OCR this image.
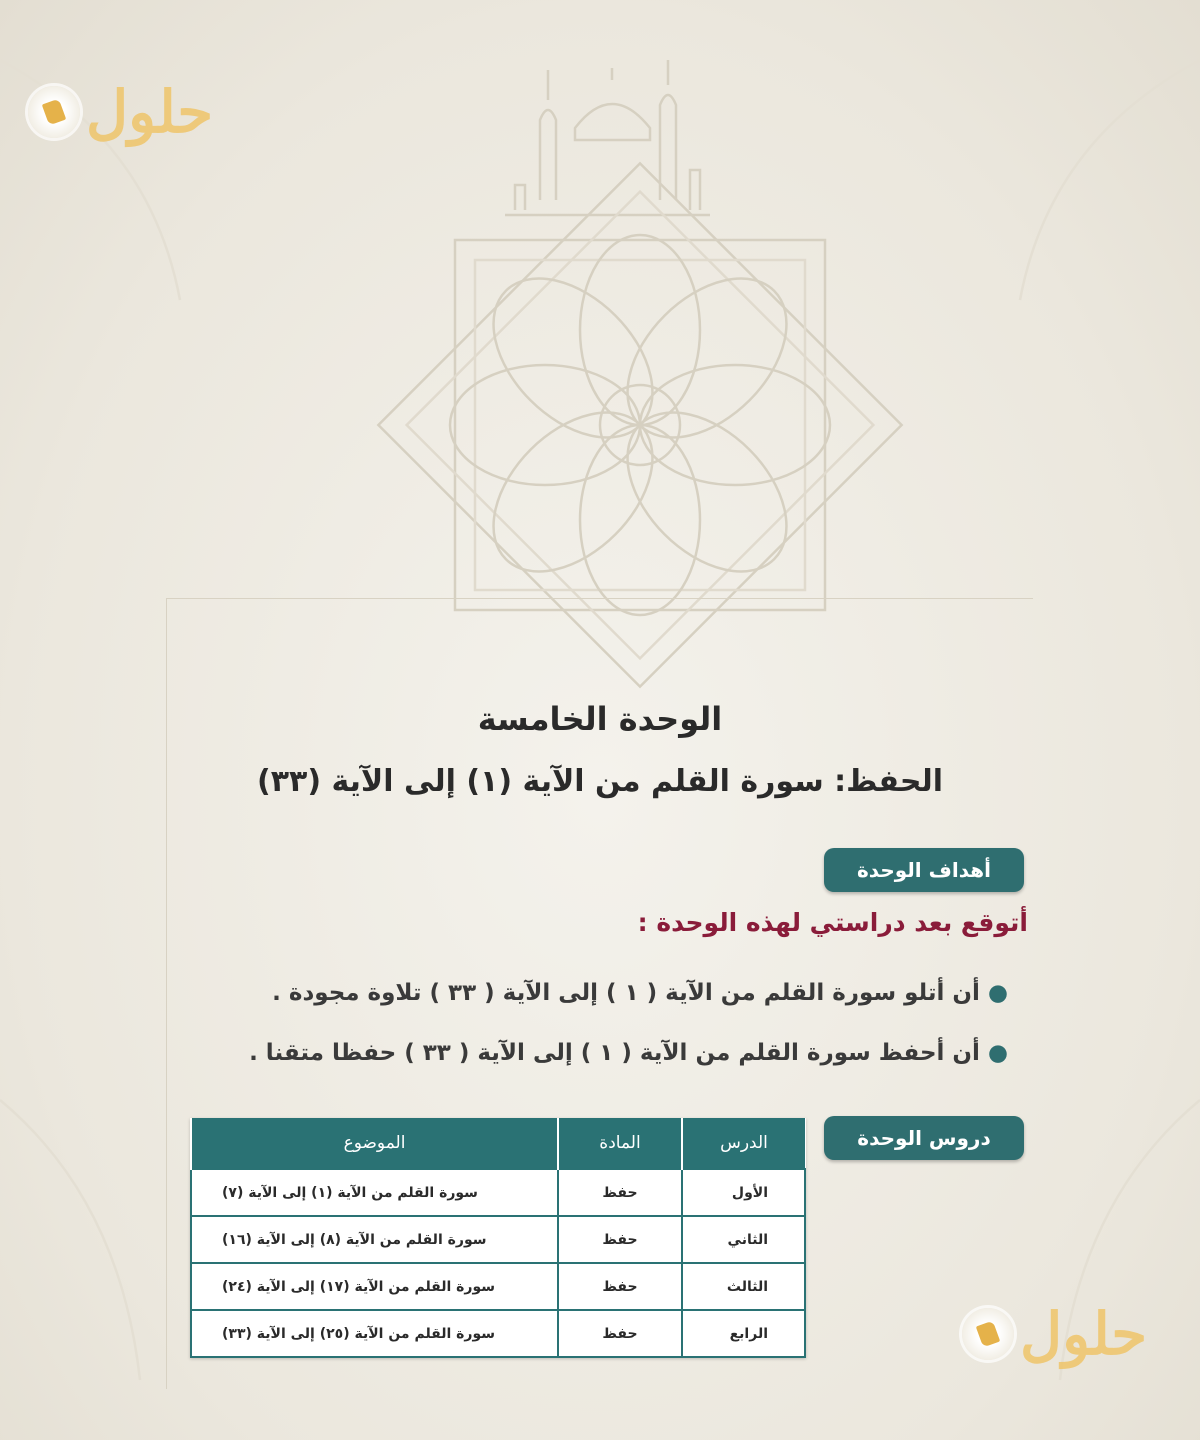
حلول
حلول
الوحدة الخامسة
الحفظ: سورة القلم من الآية (١) إلى الآية (٣٣)
أهداف الوحدة
أتوقع بعد دراستي لهذه الوحدة :
●أن أتلو سورة القلم من الآية ( ١ ) إلى الآية ( ٣٣ ) تلاوة مجودة .
●أن أحفظ سورة القلم من الآية ( ١ ) إلى الآية ( ٣٣ ) حفظا متقنا .
دروس الوحدة
الدرس	المادة	الموضوع
الأول	حفظ	سورة القلم من الآية (١) إلى الآية (٧)
الثاني	حفظ	سورة القلم من الآية (٨) إلى الآية (١٦)
الثالث	حفظ	سورة القلم من الآية (١٧) إلى الآية (٢٤)
الرابع	حفظ	سورة القلم من الآية (٢٥) إلى الآية (٣٣)
